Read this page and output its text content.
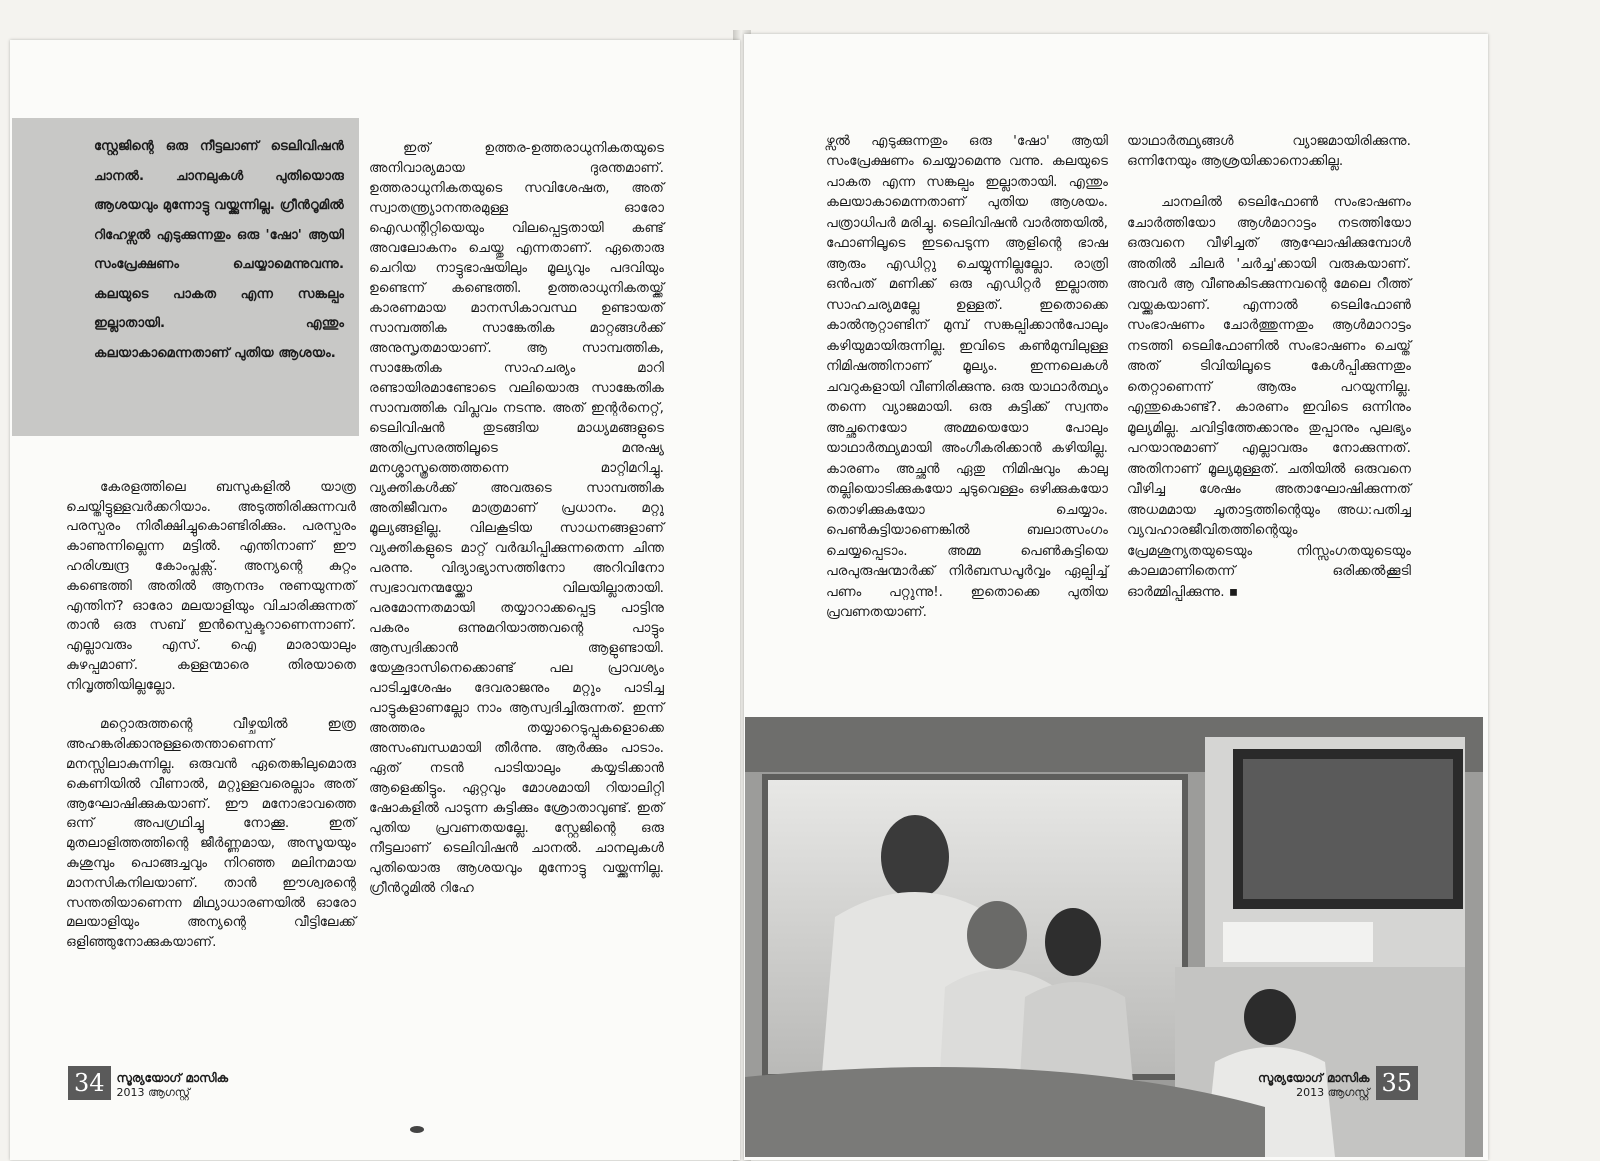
സ്റ്റേജിന്റെ ഒരു നീട്ടലാണ് ടെലിവിഷൻ ചാനൽ. ചാനലുകൾ പുതിയൊരു ആശയവും മുന്നോട്ടു വയ്ക്കുന്നില്ല. ഗ്രീൻറൂമിൽ റിഹേഴ്സൽ എടുക്കുന്നതും ഒരു 'ഷോ' ആയി സംപ്രേക്ഷണം ചെയ്യാമെന്നുവന്നു. കലയുടെ പാകത എന്ന സങ്കല്പം ഇല്ലാതായി. എന്തും കലയാകാമെന്നതാണ് പുതിയ ആശയം.

കേരളത്തിലെ ബസുകളിൽ യാത്ര ചെയ്തിട്ടുള്ളവർക്കറിയാം. അടുത്തിരിക്കുന്നവർ പരസ്പരം നിരീക്ഷിച്ചുകൊണ്ടിരിക്കും. പരസ്പരം കാണുന്നില്ലെന്ന മട്ടിൽ. എന്തിനാണ് ഈ ഹരിശ്ചന്ദ്ര കോംപ്ലക്സ്. അന്യന്റെ കുറ്റം കണ്ടെത്തി അതിൽ ആനന്ദം നുണയുന്നത് എന്തിന്? ഓരോ മലയാളിയും വിചാരിക്കുന്നത് താൻ ഒരു സബ് ഇൻസ്പെക്ടറാണെന്നാണ്. എല്ലാവരും എസ്. ഐ മാരായാലും കുഴപ്പമാണ്. കള്ളന്മാരെ തിരയാതെ നിവൃത്തിയില്ലല്ലോ.

മറ്റൊരുത്തന്റെ വീഴ്ചയിൽ ഇത്ര അഹങ്കരിക്കാനുള്ളതെന്താണെന്ന് മനസ്സിലാകുന്നില്ല. ഒരുവൻ ഏതെങ്കിലുമൊരു കെണിയിൽ വീണാൽ, മറ്റുള്ളവരെല്ലാം അത് ആഘോഷിക്കുകയാണ്. ഈ മനോഭാവത്തെ ഒന്ന് അപഗ്രഥിച്ചു നോക്കൂ. ഇത് മുതലാളിത്തത്തിന്റെ ജീർണ്ണമായ, അസൂയയും കുശുമ്പും പൊങ്ങച്ചവും നിറഞ്ഞ മലിനമായ മാനസികനിലയാണ്. താൻ ഈശ്വരന്റെ സന്തതിയാണെന്ന മിഥ്യാധാരണയിൽ ഓരോ മലയാളിയും അന്യന്റെ വീട്ടിലേക്ക് ഒളിഞ്ഞുനോക്കുകയാണ്.

ഇത് ഉത്തര-ഉത്തരാധുനികതയുടെ അനിവാര്യമായ ദുരന്തമാണ്. ഉത്തരാധുനികതയുടെ സവിശേഷത, അത് സ്വാതന്ത്ര്യാനന്തരമുള്ള ഓരോ ഐഡന്റിറ്റിയെയും വിലപ്പെട്ടതായി കണ്ട് അവലോകനം ചെയ്തു എന്നതാണ്. ഏതൊരു ചെറിയ നാട്ടുഭാഷയിലും മൂല്യവും പദവിയും ഉണ്ടെന്ന് കണ്ടെത്തി. ഉത്തരാധുനികതയ്ക്ക് കാരണമായ മാനസികാവസ്ഥ ഉണ്ടായത് സാമ്പത്തിക സാങ്കേതിക മാറ്റങ്ങൾക്ക് അനുസൃതമായാണ്. ആ സാമ്പത്തിക, സാങ്കേതിക സാഹചര്യം മാറി രണ്ടായിരമാണ്ടോടെ വലിയൊരു സാങ്കേതിക സാമ്പത്തിക വിപ്ലവം നടന്നു. അത് ഇന്റർനെറ്റ്, ടെലിവിഷൻ തുടങ്ങിയ മാധ്യമങ്ങളുടെ അതിപ്രസരത്തിലൂടെ മനുഷ്യ മനശ്ശാസ്ത്രത്തെത്തന്നെ മാറ്റിമറിച്ചു. വ്യക്തികൾക്ക് അവരുടെ സാമ്പത്തിക അതിജീവനം മാത്രമാണ് പ്രധാനം. മറ്റു മൂല്യങ്ങളില്ല. വിലകൂടിയ സാധനങ്ങളാണ് വ്യക്തികളുടെ മാറ്റ് വർദ്ധിപ്പിക്കുന്നതെന്ന ചിന്ത പരന്നു. വിദ്യാഭ്യാസത്തിനോ അറിവിനോ സ്വഭാവനന്മയ്ക്കോ വിലയില്ലാതായി. പരമോന്നതമായി തയ്യാറാക്കപ്പെട്ട പാട്ടിനു പകരം ഒന്നുമറിയാത്തവന്റെ പാട്ടും ആസ്വദിക്കാൻ ആളുണ്ടായി. യേശുദാസിനെക്കൊണ്ട് പല പ്രാവശ്യം പാടിച്ചശേഷം ദേവരാജനും മറ്റും പാടിച്ച പാട്ടുകളാണല്ലോ നാം ആസ്വദിച്ചിരുന്നത്. ഇന്ന് അത്തരം തയ്യാറെടുപ്പുകളൊക്കെ അസംബന്ധമായി തീർന്നു. ആർക്കും പാടാം. ഏത് നടൻ പാടിയാലും കയ്യടിക്കാൻ ആളെക്കിട്ടും. ഏറ്റവും മോശമായി റിയാലിറ്റി ഷോകളിൽ പാടുന്ന കുട്ടിക്കും ശ്രോതാവുണ്ട്. ഇത് പുതിയ പ്രവണതയല്ലേ. സ്റ്റേജിന്റെ ഒരു നീട്ടലാണ് ടെലിവിഷൻ ചാനൽ. ചാനലുകൾ പുതിയൊരു ആശയവും മുന്നോട്ടു വയ്ക്കുന്നില്ല. ഗ്രീൻറൂമിൽ റിഹേ

ഴ്സൽ എടുക്കുന്നതും ഒരു 'ഷോ' ആയി സംപ്രേക്ഷണം ചെയ്യാമെന്നു വന്നു. കലയുടെ പാകത എന്ന സങ്കല്പം ഇല്ലാതായി. എന്തും കലയാകാമെന്നതാണ് പുതിയ ആശയം. പത്രാധിപർ മരിച്ചു. ടെലിവിഷൻ വാർത്തയിൽ, ഫോണിലൂടെ ഇടപെടുന്ന ആളിന്റെ ഭാഷ ആരും എഡിറ്റു ചെയ്യുന്നില്ലല്ലോ. രാത്രി ഒൻപത് മണിക്ക് ഒരു എഡിറ്റർ ഇല്ലാത്ത സാഹചര്യമല്ലേ ഉള്ളത്. ഇതൊക്കെ കാൽനൂറ്റാണ്ടിന് മുമ്പ് സങ്കല്പിക്കാൻപോലും കഴിയുമായിരുന്നില്ല. ഇവിടെ കൺമുമ്പിലുള്ള നിമിഷത്തിനാണ് മൂല്യം. ഇന്നലെകൾ ചവറുകളായി വീണിരിക്കുന്നു. ഒരു യാഥാർത്ഥ്യം തന്നെ വ്യാജമായി. ഒരു കുട്ടിക്ക് സ്വന്തം അച്ഛനെയോ അമ്മയെയോ പോലും യാഥാർത്ഥ്യമായി അംഗീകരിക്കാൻ കഴിയില്ല. കാരണം അച്ഛൻ ഏതു നിമിഷവും കാലു തല്ലിയൊടിക്കുകയോ ചുടുവെള്ളം ഒഴിക്കുകയോ തൊഴിക്കുകയോ ചെയ്യാം. പെൺകുട്ടിയാണെങ്കിൽ ബലാത്സംഗം ചെയ്യപ്പെടാം. അമ്മ പെൺകുട്ടിയെ പരപുരുഷന്മാർക്ക് നിർബന്ധപൂർവ്വം ഏല്പിച്ച് പണം പറ്റുന്നു!. ഇതൊക്കെ പുതിയ പ്രവണതയാണ്.

യാഥാർത്ഥ്യങ്ങൾ വ്യാജമായിരിക്കുന്നു. ഒന്നിനേയും ആശ്രയിക്കാനൊക്കില്ല.

ചാനലിൽ ടെലിഫോൺ സംഭാഷണം ചോർത്തിയോ ആൾമാറാട്ടം നടത്തിയോ ഒരുവനെ വീഴിച്ചത് ആഘോഷിക്കുമ്പോൾ അതിൽ ചിലർ 'ചർച്ച'ക്കായി വരുകയാണ്. അവർ ആ വീണുകിടക്കുന്നവന്റെ മേലെ റീത്ത് വയ്ക്കുകയാണ്. എന്നാൽ ടെലിഫോൺ സംഭാഷണം ചോർത്തുന്നതും ആൾമാറാട്ടം നടത്തി ടെലിഫോണിൽ സംഭാഷണം ചെയ്ത് അത് ടിവിയിലൂടെ കേൾപ്പിക്കുന്നതും തെറ്റാണെന്ന് ആരും പറയുന്നില്ല. എന്തുകൊണ്ട്?. കാരണം ഇവിടെ ഒന്നിനും മൂല്യമില്ല. ചവിട്ടിത്തേക്കാനും തുപ്പാനും പുലഭ്യം പറയാനുമാണ് എല്ലാവരും നോക്കുന്നത്. അതിനാണ് മൂല്യമുള്ളത്. ചതിയിൽ ഒരുവനെ വീഴിച്ച ശേഷം അതാഘോഷിക്കുന്നത് അധമമായ ചൂതാട്ടത്തിന്റെയും അധ:പതിച്ച വ്യവഹാരജീവിതത്തിന്റെയും പ്രേമശൂന്യതയുടെയും നിസ്സംഗതയുടെയും കാലമാണിതെന്ന് ഒരിക്കൽക്കൂടി ഓർമ്മിപ്പിക്കുന്നു. ▪

34	സൂര്യയോഗ് മാസിക
2013 ആഗസ്റ്റ്
സൂര്യയോഗ് മാസിക
2013 ആഗസ്റ്റ് 35
